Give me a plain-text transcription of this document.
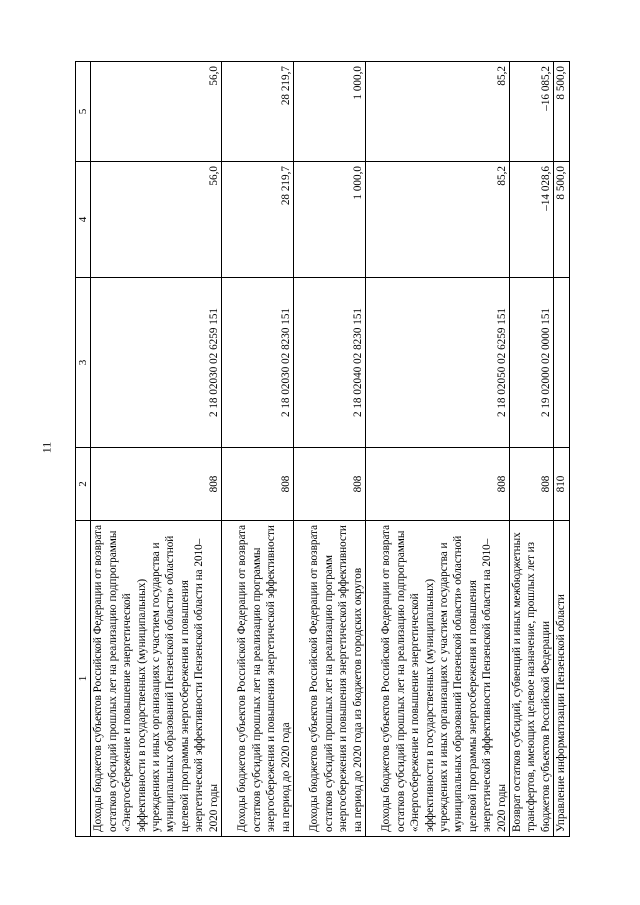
11
1	2	3	4	5
Доходы бюджетов субъектов Российской Федерации от возврата остатков субсидий прошлых лет на реализацию подпрограммы «Энергосбережение и повышение энергетической эффективности в государственных (муниципальных) учреждениях и иных организациях с участием государства и муниципальных образований Пензенской области» областной целевой программы энергосбережения и повышения энергетической эффективности Пензенской области на 2010–2020 годы	808	2 18 02030 02 6259 151	56,0	56,0
Доходы бюджетов субъектов Российской Федерации от возврата остатков субсидий прошлых лет на реализацию программы энергосбережения и повышения энергетической эффективности на период до 2020 года	808	2 18 02030 02 8230 151	28 219,7	28 219,7
Доходы бюджетов субъектов Российской Федерации от возврата остатков субсидий прошлых лет на реализацию программ энергосбережения и повышения энергетической эффективности на период до 2020 года из бюджетов городских округов	808	2 18 02040 02 8230 151	1 000,0	1 000,0
Доходы бюджетов субъектов Российской Федерации от возврата остатков субсидий прошлых лет на реализацию подпрограммы «Энергосбережение и повышение энергетической эффективности в государственных (муниципальных) учреждениях и иных организациях с участием государства и муниципальных образований Пензенской области» областной целевой программы энергосбережения и повышения энергетической эффективности Пензенской области на 2010–2020 годы	808	2 18 02050 02 6259 151	85,2	85,2
Возврат остатков субсидий, субвенций и иных межбюджетных трансфертов, имеющих целевое назначение, прошлых лет из бюджетов субъектов Российской Федерации	808	2 19 02000 02 0000 151	–14 028,6	–16 085,2
Управление информатизации Пензенской области	810		8 500,0	8 500,0
